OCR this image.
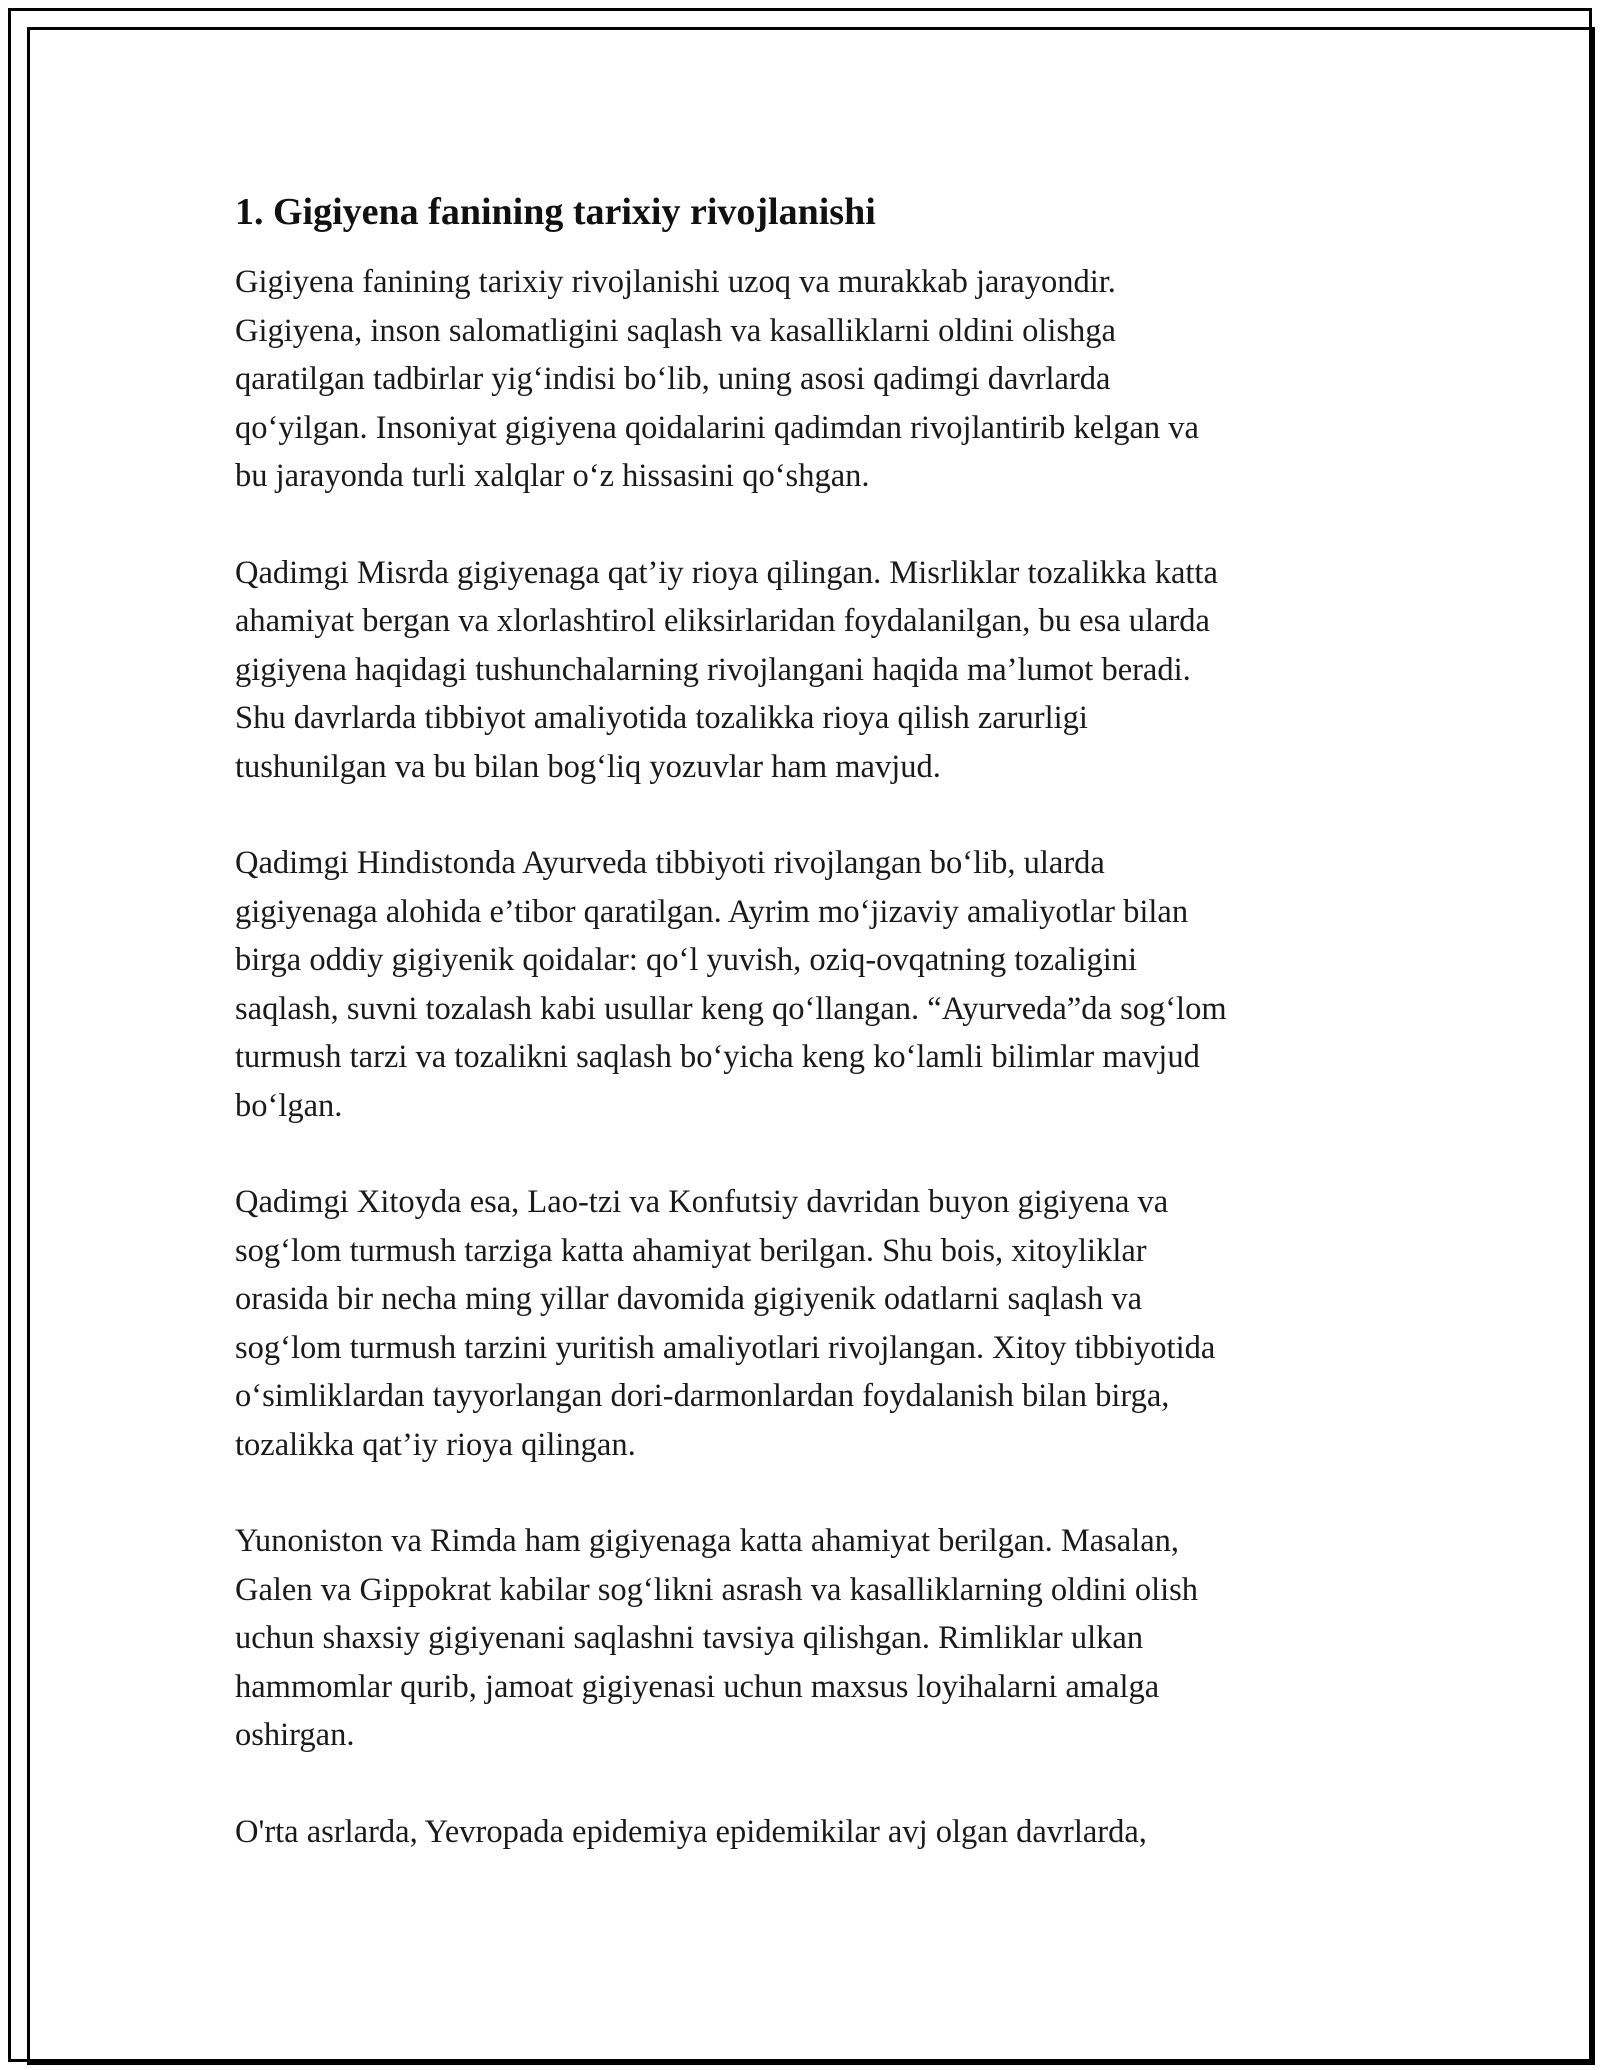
1. Gigiyena fanining tarixiy rivojlanishi

Gigiyena fanining tarixiy rivojlanishi uzoq va murakkab jarayondir.
Gigiyena, inson salomatligini saqlash va kasalliklarni oldini olishga
qaratilgan tadbirlar yig‘indisi bo‘lib, uning asosi qadimgi davrlarda
qo‘yilgan. Insoniyat gigiyena qoidalarini qadimdan rivojlantirib kelgan va
bu jarayonda turli xalqlar o‘z hissasini qo‘shgan.

Qadimgi Misrda gigiyenaga qat’iy rioya qilingan. Misrliklar tozalikka katta
ahamiyat bergan va xlorlashtirol eliksirlaridan foydalanilgan, bu esa ularda
gigiyena haqidagi tushunchalarning rivojlangani haqida ma’lumot beradi.
Shu davrlarda tibbiyot amaliyotida tozalikka rioya qilish zarurligi
tushunilgan va bu bilan bog‘liq yozuvlar ham mavjud.

Qadimgi Hindistonda Ayurveda tibbiyoti rivojlangan bo‘lib, ularda
gigiyenaga alohida e’tibor qaratilgan. Ayrim mo‘jizaviy amaliyotlar bilan
birga oddiy gigiyenik qoidalar: qo‘l yuvish, oziq-ovqatning tozaligini
saqlash, suvni tozalash kabi usullar keng qo‘llangan. “Ayurveda”da sog‘lom
turmush tarzi va tozalikni saqlash bo‘yicha keng ko‘lamli bilimlar mavjud
bo‘lgan.

Qadimgi Xitoyda esa, Lao-tzi va Konfutsiy davridan buyon gigiyena va
sog‘lom turmush tarziga katta ahamiyat berilgan. Shu bois, xitoyliklar
orasida bir necha ming yillar davomida gigiyenik odatlarni saqlash va
sog‘lom turmush tarzini yuritish amaliyotlari rivojlangan. Xitoy tibbiyotida
o‘simliklardan tayyorlangan dori-darmonlardan foydalanish bilan birga,
tozalikka qat’iy rioya qilingan.

Yunoniston va Rimda ham gigiyenaga katta ahamiyat berilgan. Masalan,
Galen va Gippokrat kabilar sog‘likni asrash va kasalliklarning oldini olish
uchun shaxsiy gigiyenani saqlashni tavsiya qilishgan. Rimliklar ulkan
hammomlar qurib, jamoat gigiyenasi uchun maxsus loyihalarni amalga
oshirgan.

O'rta asrlarda, Yevropada epidemiya epidemikilar avj olgan davrlarda,
